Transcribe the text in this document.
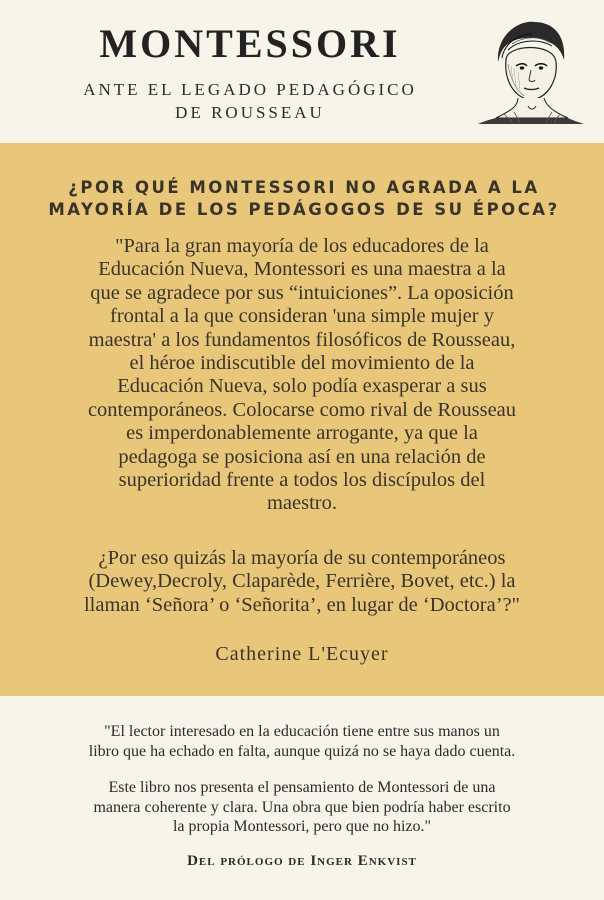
MONTESSORI
ANTE EL LEGADO PEDAGÓGICO
DE ROUSSEAU
¿POR QUÉ MONTESSORI NO AGRADA A LA
MAYORÍA DE LOS PEDÁGOGOS DE SU ÉPOCA?
"Para la gran mayoría de los educadores de la
Educación Nueva, Montessori es una maestra a la
que se agradece por sus “intuiciones”. La oposición
frontal a la que consideran 'una simple mujer y
maestra' a los fundamentos filosóficos de Rousseau,
el héroe indiscutible del movimiento de la
Educación Nueva, solo podía exasperar a sus
contemporáneos. Colocarse como rival de Rousseau
es imperdonablemente arrogante, ya que la
pedagoga se posiciona así en una relación de
superioridad frente a todos los discípulos del
maestro.
¿Por eso quizás la mayoría de su contemporáneos
(Dewey,Decroly, Claparède, Ferrière, Bovet, etc.) la
llaman ‘Señora’ o ‘Señorita’, en lugar de ‘Doctora’?"
Catherine L'Ecuyer
"El lector interesado en la educación tiene entre sus manos un
libro que ha echado en falta, aunque quizá no se haya dado cuenta.
Este libro nos presenta el pensamiento de Montessori de una
manera coherente y clara. Una obra que bien podría haber escrito
la propia Montessori, pero que no hizo."
Del prólogo de Inger Enkvist
